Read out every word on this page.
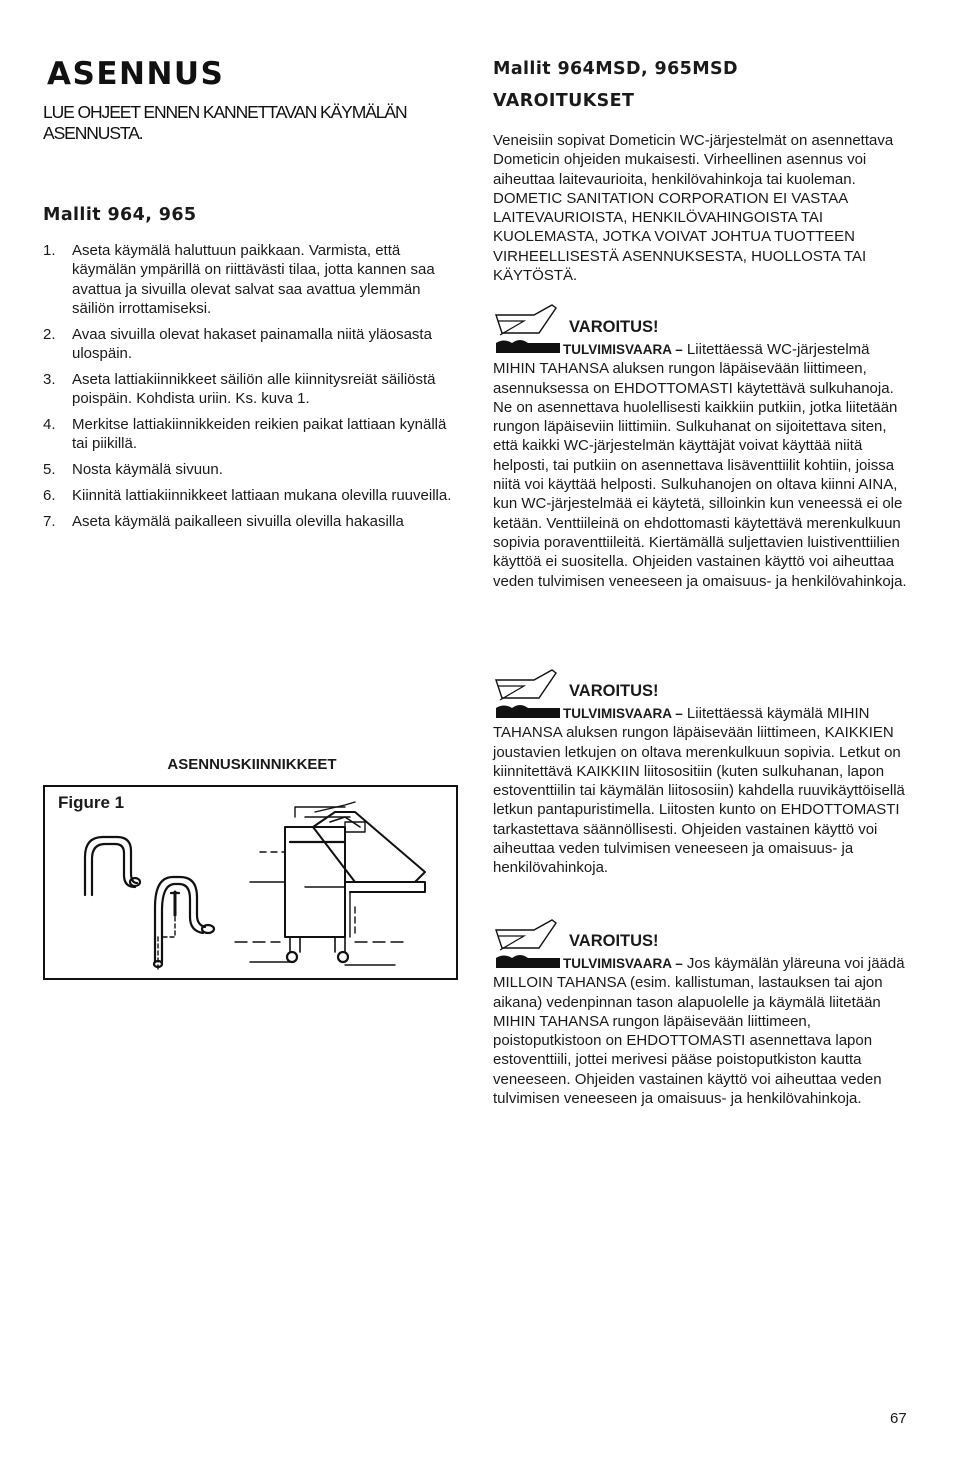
ASENNUS

LUE OHJEET ENNEN KANNETTAVAN KÄYMÄLÄN ASENNUSTA.

Mallit 964, 965
1. Aseta käymälä haluttuun paikkaan. Varmista, että käymälän ympärillä on riittävästi tilaa, jotta kannen saa avattua ja sivuilla olevat salvat saa avattua ylemmän säiliön irrottamiseksi.
2. Avaa sivuilla olevat hakaset painamalla niitä yläosasta ulospäin.
3. Aseta lattiakiinnikkeet säiliön alle kiinnitysreiät säiliöstä poispäin. Kohdista uriin. Ks. kuva 1.
4. Merkitse lattiakiinnikkeiden reikien paikat lattiaan kynällä tai piikillä.
5. Nosta käymälä sivuun.
6. Kiinnitä lattiakiinnikkeet lattiaan mukana olevilla ruuveilla.
7. Aseta käymälä paikalleen sivuilla olevilla hakasilla
ASENNUSKIINNIKKEET
Figure 1
Mallit 964MSD, 965MSD
VAROITUKSET

Veneisiin sopivat Dometicin WC-järjestelmät on asennettava Dometicin ohjeiden mukaisesti. Virheellinen asennus voi aiheuttaa laitevaurioita, henkilövahinkoja tai kuoleman. DOMETIC SANITATION CORPORATION EI VASTAA LAITEVAURIOISTA, HENKILÖVAHINGOISTA TAI KUOLEMASTA, JOTKA VOIVAT JOHTUA TUOTTEEN VIRHEELLISESTÄ ASENNUKSESTA, HUOLLOSTA TAI KÄYTÖSTÄ.

VAROITUS!

TULVIMISVAARA – Liitettäessä WC-järjestelmä MIHIN TAHANSA aluksen rungon läpäisevään liittimeen, asennuksessa on EHDOTTOMASTI käytettävä sulkuhanoja. Ne on asennettava huolellisesti kaikkiin putkiin, jotka liitetään rungon läpäiseviin liittimiin. Sulkuhanat on sijoitettava siten, että kaikki WC-järjestelmän käyttäjät voivat käyttää niitä helposti, tai putkiin on asennettava lisäventtiilit kohtiin, joissa niitä voi käyttää helposti. Sulkuhanojen on oltava kiinni AINA, kun WC-järjestelmää ei käytetä, silloinkin kun veneessä ei ole ketään. Venttiileinä on ehdottomasti käytettävä merenkulkuun sopivia poraventtiileitä. Kiertämällä suljettavien luistiventtiilien käyttöä ei suositella. Ohjeiden vastainen käyttö voi aiheuttaa veden tulvimisen veneeseen ja omaisuus- ja henkilövahinkoja.

VAROITUS!

TULVIMISVAARA – Liitettäessä käymälä MIHIN TAHANSA aluksen rungon läpäisevään liittimeen, KAIKKIEN joustavien letkujen on oltava merenkulkuun sopivia. Letkut on kiinnitettävä KAIKKIIN liitosositiin (kuten sulkuhanan, lapon estoventtiilin tai käymälän liitososiin) kahdella ruuvikäyttöisellä letkun pantapuristimella. Liitosten kunto on EHDOTTOMASTI tarkastettava säännöllisesti. Ohjeiden vastainen käyttö voi aiheuttaa veden tulvimisen veneeseen ja omaisuus- ja henkilövahinkoja.

VAROITUS!

TULVIMISVAARA – Jos käymälän yläreuna voi jäädä MILLOIN TAHANSA (esim. kallistuman, lastauksen tai ajon aikana) vedenpinnan tason alapuolelle ja käymälä liitetään MIHIN TAHANSA rungon läpäisevään liittimeen, poistoputkistoon on EHDOTTOMASTI asennettava lapon estoventtiili, jottei merivesi pääse poistoputkiston kautta veneeseen. Ohjeiden vastainen käyttö voi aiheuttaa veden tulvimisen veneeseen ja omaisuus- ja henkilövahinkoja.

67
